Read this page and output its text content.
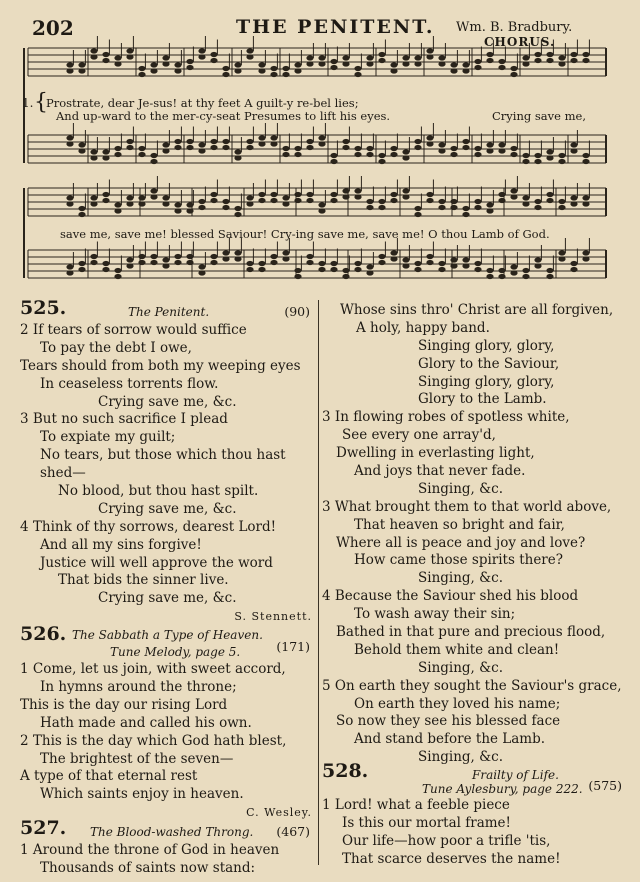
202	THE PENITENT. Wm. B. Bradbury.
CHORUS.
1. {
Prostrate, dear Je-sus! at thy feet A guilt-y re-bel lies;
And up-ward to the mer-cy-seat Presumes to lift his eyes.	Crying save me,
save me, save me! blessed Saviour! Cry-ing save me, save me! O thou Lamb of God.
525.	The Penitent.	(90)
2 If tears of sorrow would suffice
To pay the debt I owe,
Tears should from both my weeping eyes
In ceaseless torrents flow.
Crying save me, &c.
3 But no such sacrifice I plead
To expiate my guilt;
No tears, but those which thou hast
shed—
No blood, but thou hast spilt.
Crying save me, &c.
4 Think of thy sorrows, dearest Lord!
And all my sins forgive!
Justice will well approve the word
That bids the sinner live.
Crying save me, &c.
S. Stennett.
526. The Sabbath a Type of Heaven.
Tune Melody, page 5.	(171)
1 Come, let us join, with sweet accord,
In hymns around the throne;
This is the day our rising Lord
Hath made and called his own.
2 This is the day which God hath blest,
The brightest of the seven—
A type of that eternal rest
Which saints enjoy in heaven.
C. Wesley.
527. The Blood-washed Throng. (467)
1 Around the throne of God in heaven
Thousands of saints now stand:
Whose sins thro' Christ are all forgiven,
A holy, happy band.
Singing glory, glory,
Glory to the Saviour,
Singing glory, glory,
Glory to the Lamb.
3 In flowing robes of spotless white,
See every one array'd,
Dwelling in everlasting light,
And joys that never fade.
Singing, &c.
3 What brought them to that world above,
That heaven so bright and fair,
Where all is peace and joy and love?
How came those spirits there?
Singing, &c.
4 Because the Saviour shed his blood
To wash away their sin;
Bathed in that pure and precious flood,
Behold them white and clean!
Singing, &c.
5 On earth they sought the Saviour's grace,
On earth they loved his name;
So now they see his blessed face
And stand before the Lamb.
Singing, &c.
528.	Frailty of Life.
Tune Aylesbury, page 222. (575)
1 Lord! what a feeble piece
Is this our mortal frame!
Our life—how poor a trifle 'tis,
That scarce deserves the name!
